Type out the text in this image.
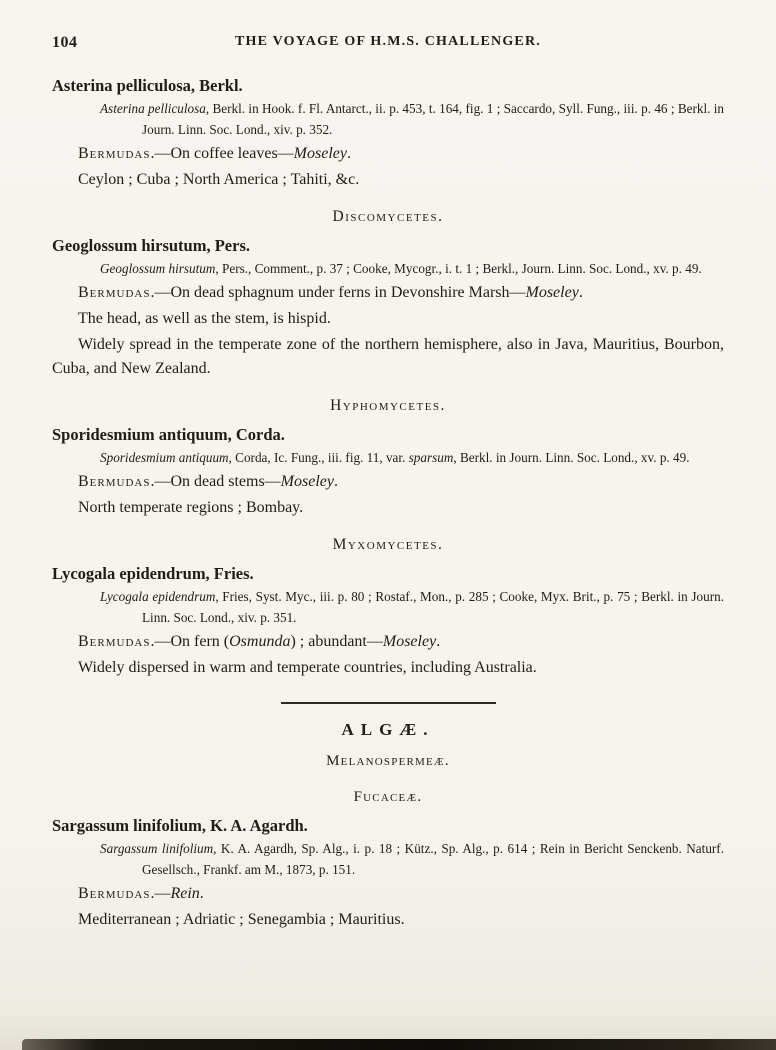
104	THE VOYAGE OF H.M.S. CHALLENGER.
Asterina pelliculosa, Berkl.

Asterina pelliculosa, Berkl. in Hook. f. Fl. Antarct., ii. p. 453, t. 164, fig. 1 ; Saccardo, Syll. Fung., iii. p. 46 ; Berkl. in Journ. Linn. Soc. Lond., xiv. p. 352.

Bermudas.—On coffee leaves—Moseley.

Ceylon ; Cuba ; North America ; Tahiti, &c.

Discomycetes.
Geoglossum hirsutum, Pers.

Geoglossum hirsutum, Pers., Comment., p. 37 ; Cooke, Mycogr., i. t. 1 ; Berkl., Journ. Linn. Soc. Lond., xv. p. 49.

Bermudas.—On dead sphagnum under ferns in Devonshire Marsh—Moseley.

The head, as well as the stem, is hispid.

Widely spread in the temperate zone of the northern hemisphere, also in Java, Mauritius, Bourbon, Cuba, and New Zealand.

Hyphomycetes.
Sporidesmium antiquum, Corda.

Sporidesmium antiquum, Corda, Ic. Fung., iii. fig. 11, var. sparsum, Berkl. in Journ. Linn. Soc. Lond., xv. p. 49.

Bermudas.—On dead stems—Moseley.

North temperate regions ; Bombay.

Myxomycetes.
Lycogala epidendrum, Fries.

Lycogala epidendrum, Fries, Syst. Myc., iii. p. 80 ; Rostaf., Mon., p. 285 ; Cooke, Myx. Brit., p. 75 ; Berkl. in Journ. Linn. Soc. Lond., xiv. p. 351.

Bermudas.—On fern (Osmunda) ; abundant—Moseley.

Widely dispersed in warm and temperate countries, including Australia.

ALGÆ.
Melanospermeæ.
Fucaceæ.
Sargassum linifolium, K. A. Agardh.

Sargassum linifolium, K. A. Agardh, Sp. Alg., i. p. 18 ; Kütz., Sp. Alg., p. 614 ; Rein in Bericht Senckenb. Naturf. Gesellsch., Frankf. am M., 1873, p. 151.

Bermudas.—Rein.

Mediterranean ; Adriatic ; Senegambia ; Mauritius.
